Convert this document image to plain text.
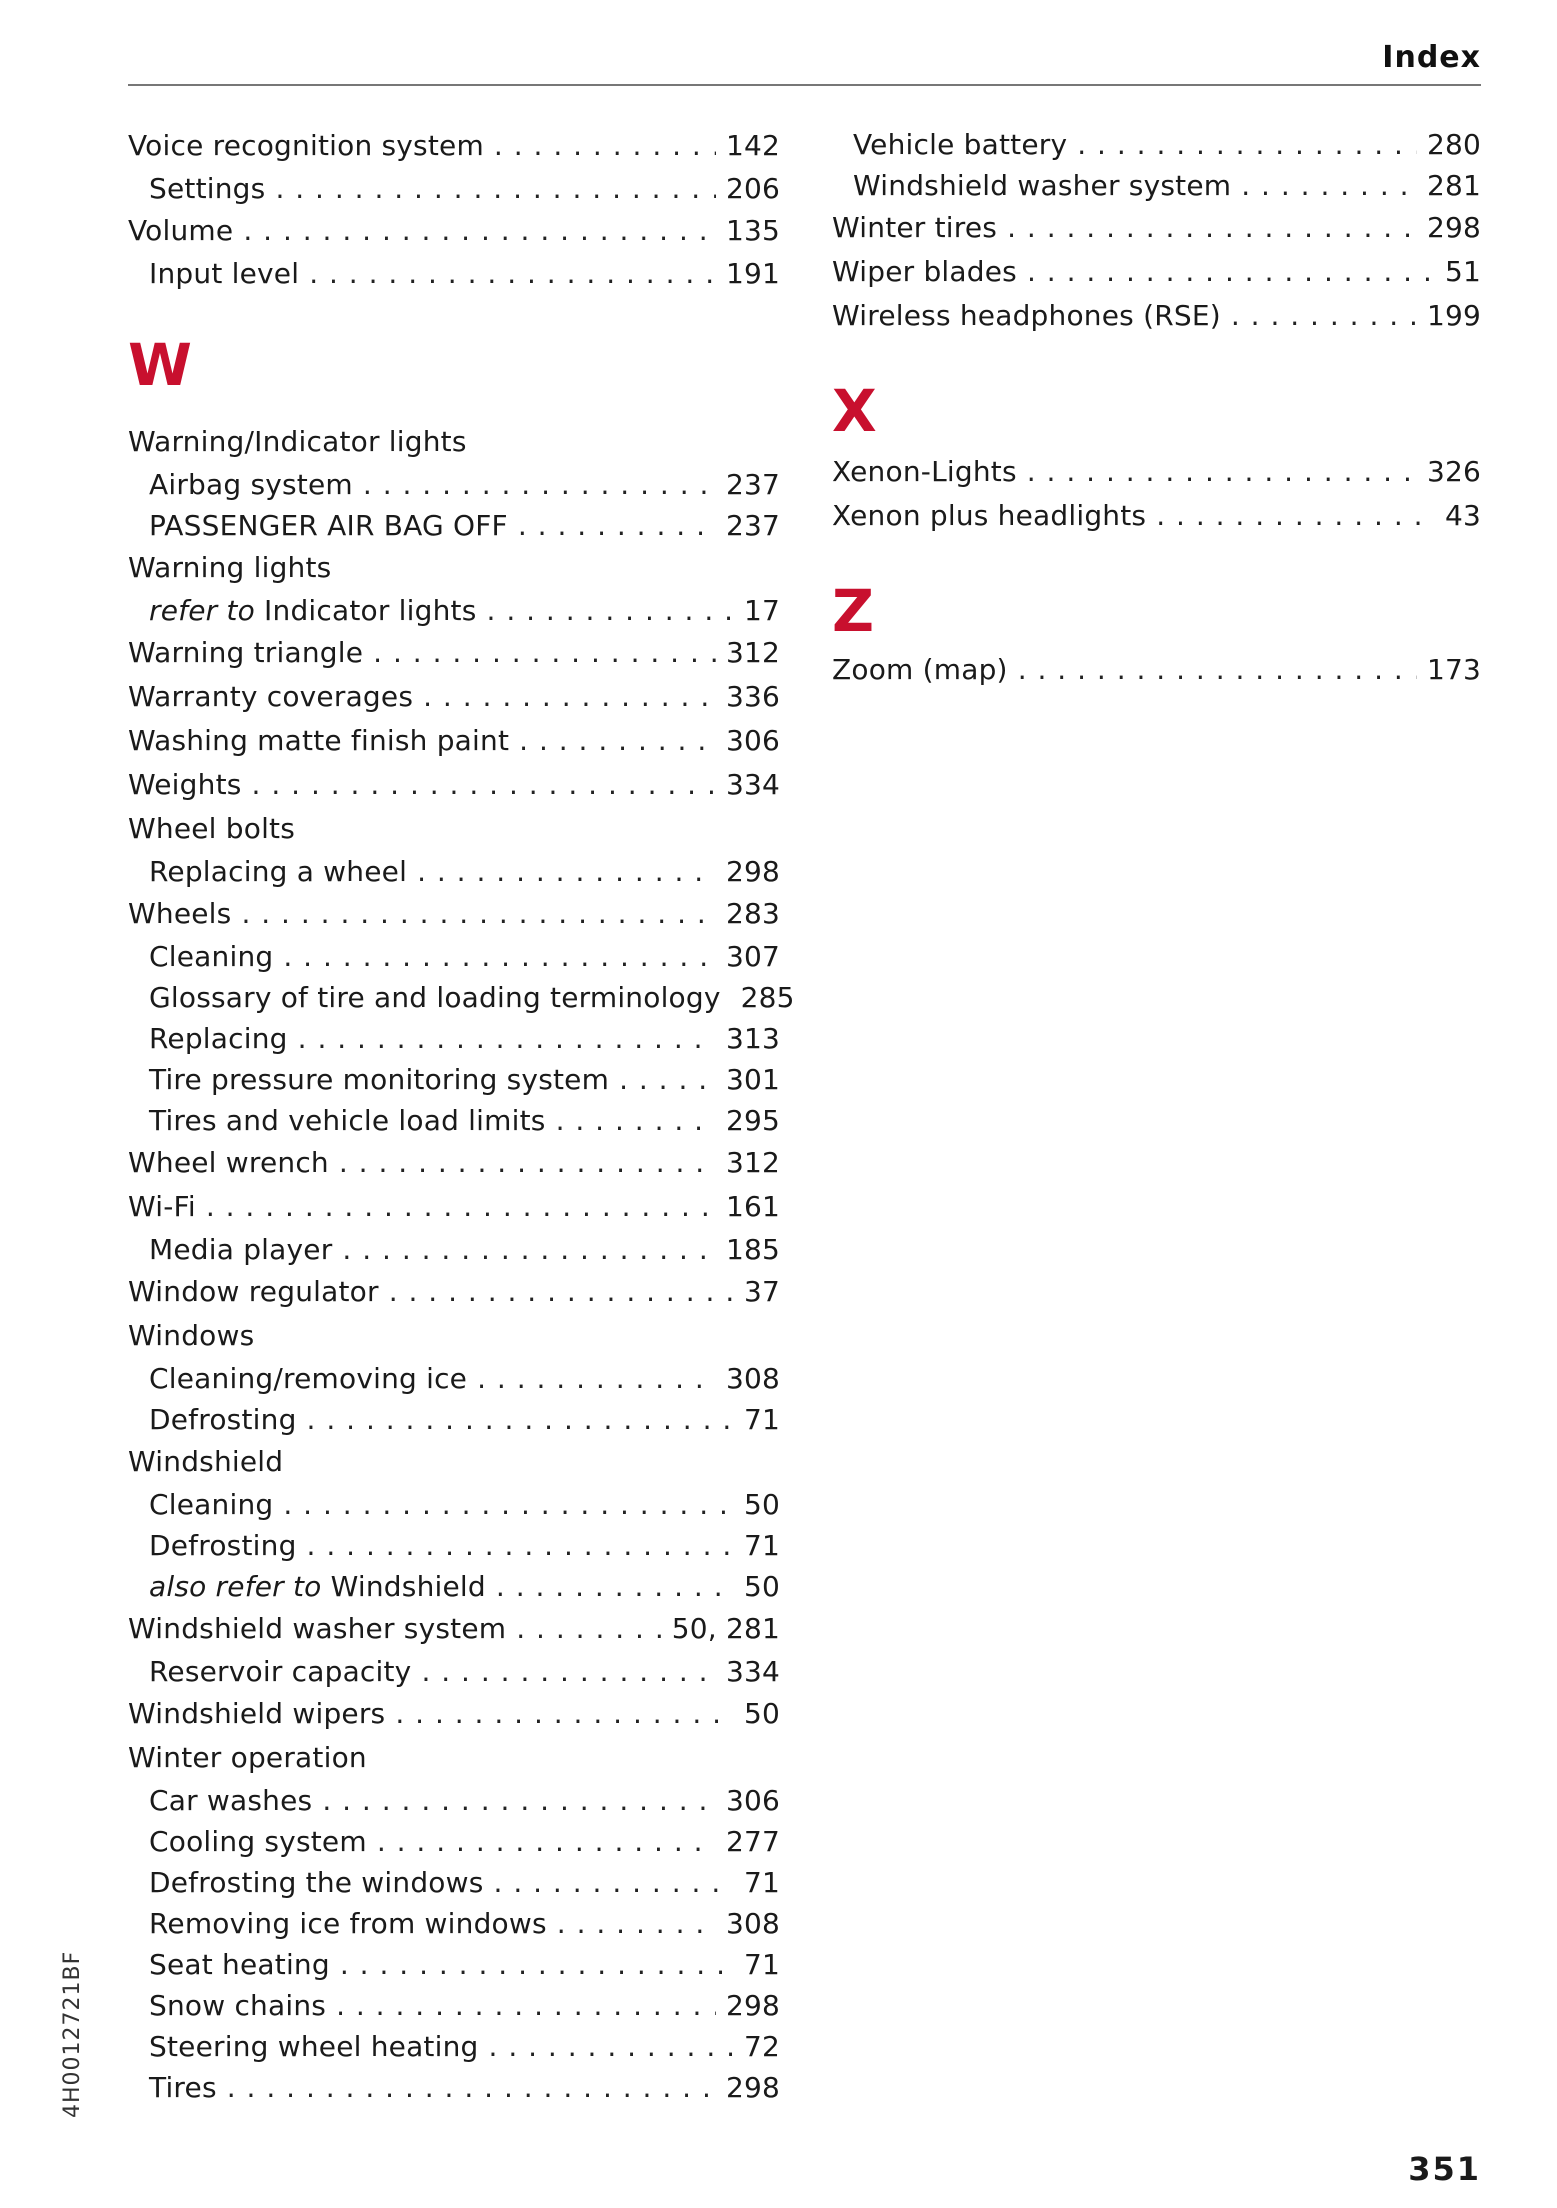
Index
Voice recognition system . . .	142
Settings . . .	206
Volume . . .	135
Input level . . .	191
W
Warning/Indicator lights
Airbag system . . .	237
PASSENGER AIR BAG OFF . . .	237
Warning lights
refer to Indicator lights . . .	17
Warning triangle . . .	312
Warranty coverages . . .	336
Washing matte finish paint . . .	306
Weights . . .	334
Wheel bolts
Replacing a wheel . . .	298
Wheels . . .	283
Cleaning . . .	307
Glossary of tire and loading terminology 285
Replacing . . .	313
Tire pressure monitoring system . . .	301
Tires and vehicle load limits . . .	295
Wheel wrench . . .	312
Wi-Fi . . .	161
Media player . . .	185
Window regulator . . .	37
Windows
Cleaning/removing ice . . .	308
Defrosting . . .	71
Windshield
Cleaning . . .	50
Defrosting . . .	71
also refer to Windshield . . .	50
Windshield washer system . . .	50, 281
Reservoir capacity . . .	334
Windshield wipers . . .	50
Winter operation
Car washes . . .	306
Cooling system . . .	277
Defrosting the windows . . .	71
Removing ice from windows . . .	308
Seat heating . . .	71
Snow chains . . .	298
Steering wheel heating . . .	72
Tires . . .	298
Vehicle battery . . .	280
Windshield washer system . . .	281
Winter tires . . .	298
Wiper blades . . .	51
Wireless headphones (RSE) . . .	199
X
Xenon-Lights . . .	326
Xenon plus headlights . . .	43
Z
Zoom (map) . . .	173
4H0012721BF
351
